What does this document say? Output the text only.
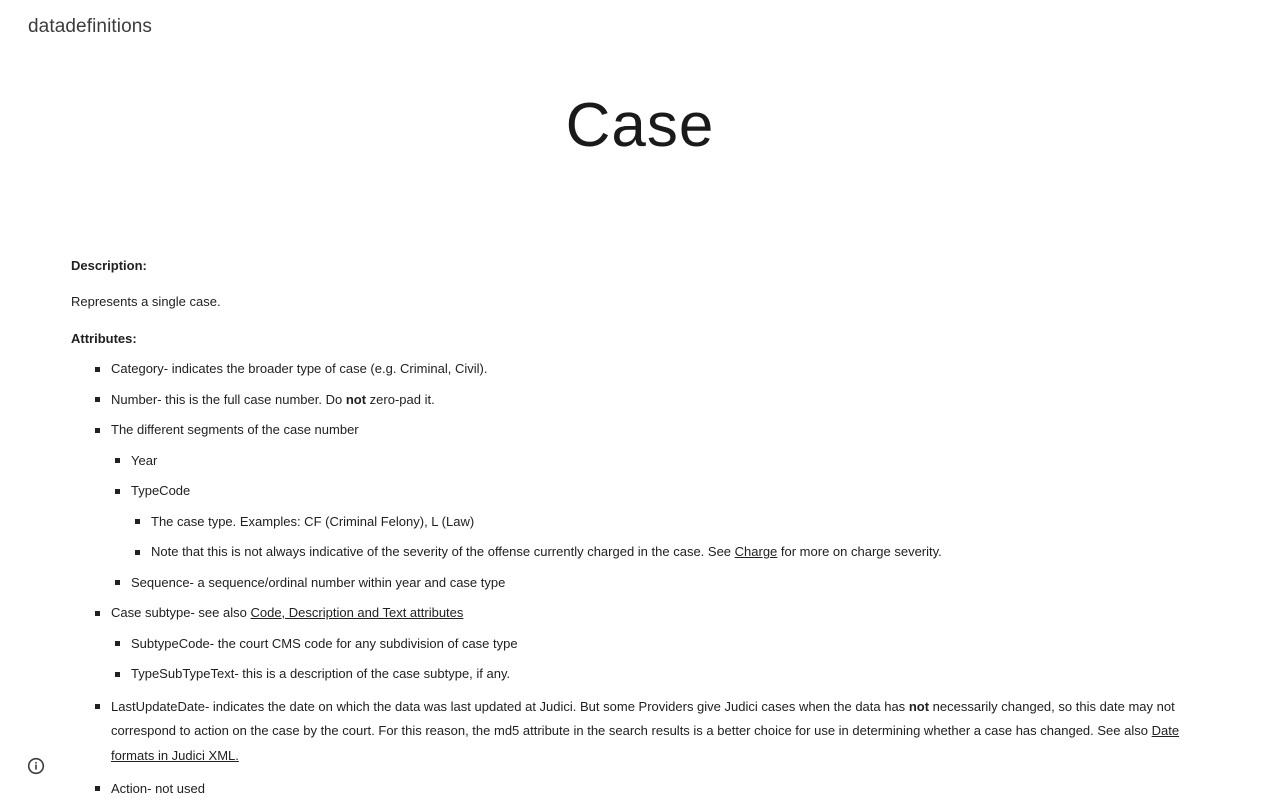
datadefinitions
Case

Description:

Represents a single case.

Attributes:

Category- indicates the broader type of case (e.g. Criminal, Civil).
Number- this is the full case number. Do not zero-pad it.
The different segments of the case number
Year
TypeCode
The case type. Examples: CF (Criminal Felony), L (Law)
Note that this is not always indicative of the severity of the offense currently charged in the case. See Charge for more on charge severity.
Sequence- a sequence/ordinal number within year and case type
Case subtype- see also Code, Description and Text attributes
SubtypeCode- the court CMS code for any subdivision of case type
TypeSubTypeText- this is a description of the case subtype, if any.
LastUpdateDate- indicates the date on which the data was last updated at Judici. But some Providers give Judici cases when the data has not necessarily changed, so this date may not correspond to action on the case by the court. For this reason, the md5 attribute in the search results is a better choice for use in determining whether a case has changed. See also Date formats in Judici XML.
Action- not used
